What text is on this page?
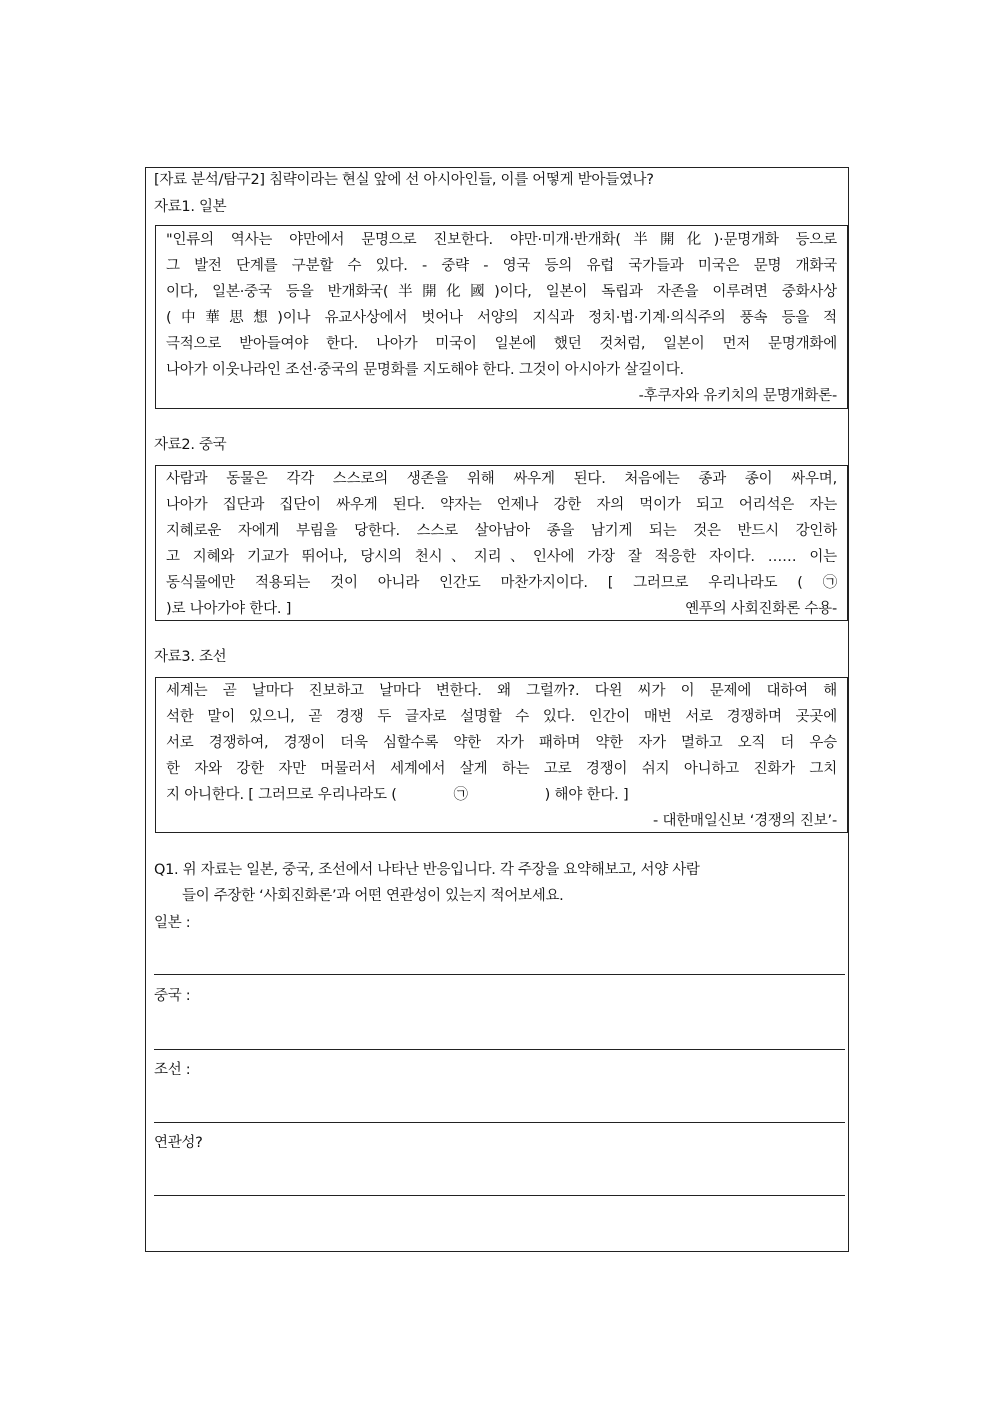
[자료 분석/탐구2] 침략이라는 현실 앞에 선 아시아인들, 이를 어떻게 받아들였나?
자료1. 일본
"인류의 역사는 야만에서 문명으로 진보한다. 야만·미개·반개화(半開化)·문명개화 등으로
그 발전 단계를 구분할 수 있다. - 중략 - 영국 등의 유럽 국가들과 미국은 문명 개화국
이다, 일본·중국 등을 반개화국(半開化國)이다, 일본이 독립과 자존을 이루려면 중화사상
(中華思想)이나 유교사상에서 벗어나 서양의 지식과 정치·법·기계·의식주의 풍속 등을 적
극적으로 받아들여야 한다. 나아가 미국이 일본에 했던 것처럼, 일본이 먼저 문명개화에
나아가 이웃나라인 조선·중국의 문명화를 지도해야 한다. 그것이 아시아가 살길이다.
-후쿠자와 유키치의 문명개화론-
자료2. 중국
사람과 동물은 각각 스스로의 생존을 위해 싸우게 된다. 처음에는 종과 종이 싸우며,
나아가 집단과 집단이 싸우게 된다. 약자는 언제나 강한 자의 먹이가 되고 어리석은 자는
지혜로운 자에게 부림을 당한다. 스스로 살아남아 종을 남기게 되는 것은 반드시 강인하
고 지혜와 기교가 뛰어나, 당시의 천시、지리、인사에 가장 잘 적응한 자이다. …… 이는
동식물에만 적용되는 것이 아니라 인간도 마찬가지이다. [ 그러므로 우리나라도 ( ㉠
)로 나아가야 한다. ]	옌푸의 사회진화론 수용-
자료3. 조선
세계는 곧 날마다 진보하고 날마다 변한다. 왜 그럴까?. 다윈 씨가 이 문제에 대하여 해
석한 말이 있으니, 곧 경쟁 두 글자로 설명할 수 있다. 인간이 매번 서로 경쟁하며 곳곳에
서로 경쟁하여, 경쟁이 더욱 심할수록 약한 자가 패하며 약한 자가 멸하고 오직 더 우승
한 자와 강한 자만 머물러서 세계에서 살게 하는 고로 경쟁이 쉬지 아니하고 진화가 그치
지 아니한다. [ 그러므로 우리나라도 (	㉠	) 해야 한다. ]
- 대한매일신보 ‘경쟁의 진보’-
Q1. 위 자료는 일본, 중국, 조선에서 나타난 반응입니다. 각 주장을 요약해보고, 서양 사람
들이 주장한 ‘사회진화론’과 어떤 연관성이 있는지 적어보세요.
일본 :
중국 :
조선 :
연관성?
